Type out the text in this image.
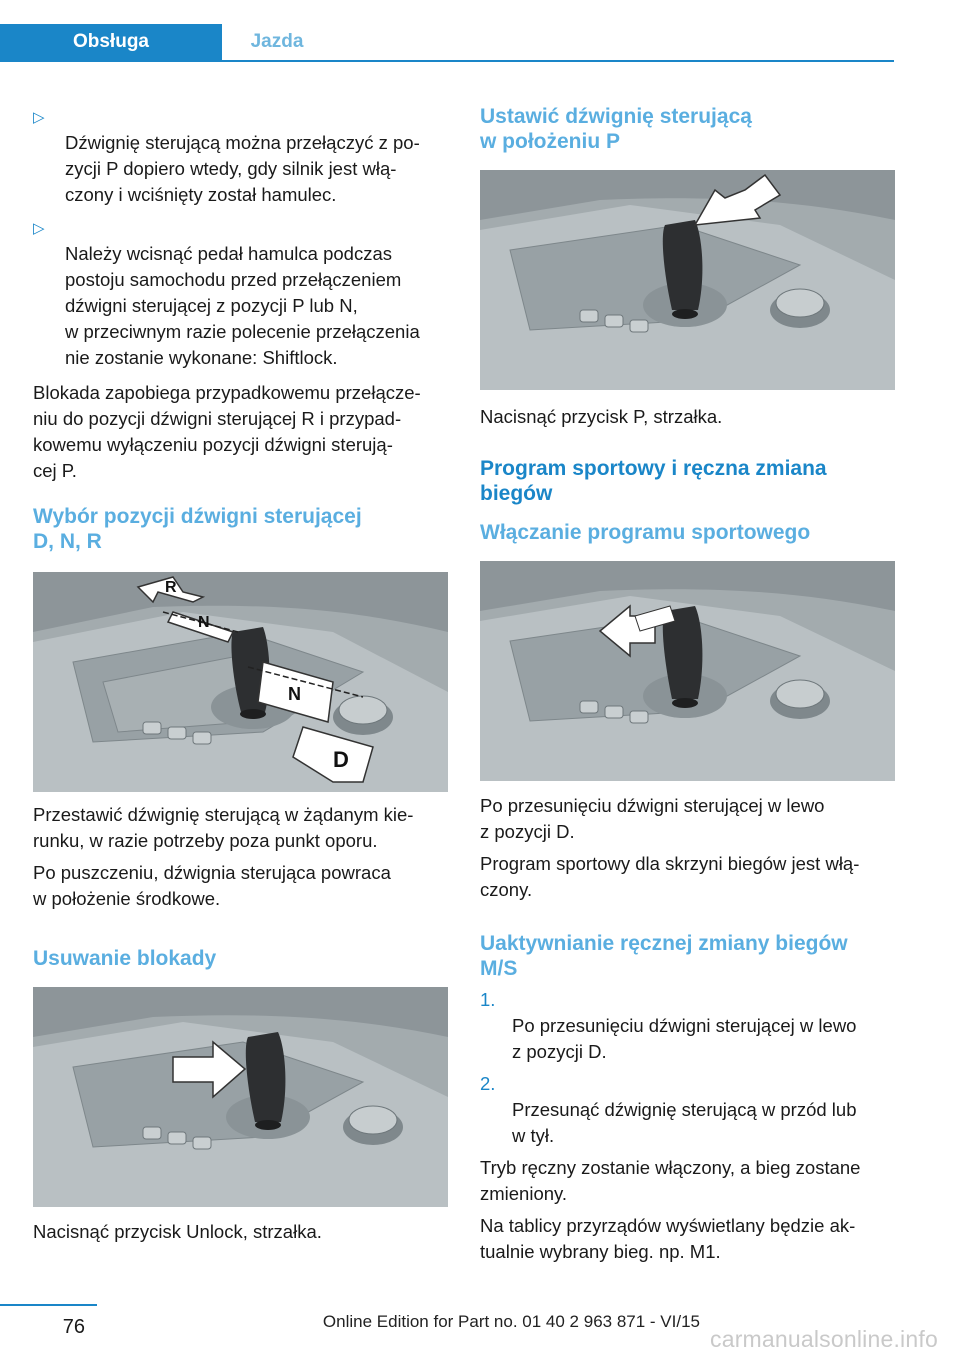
Obsługa	Jazda

▷
Dźwignię sterującą można przełączyć z po-
zycji P dopiero wtedy, gdy silnik jest włą-
czony i wciśnięty został hamulec.

▷
Należy wcisnąć pedał hamulca podczas
postoju samochodu przed przełączeniem
dźwigni sterującej z pozycji P lub N,
w przeciwnym razie polecenie przełączenia
nie zostanie wykonane: Shiftlock.

Blokada zapobiega przypadkowemu przełącze-
niu do pozycji dźwigni sterującej R i przypad-
kowemu wyłączeniu pozycji dźwigni sterują-
cej P.

Wybór pozycji dźwigni sterującej
D, N, R
R
N
N
D

Przestawić dźwignię sterującą w żądanym kie-
runku, w razie potrzeby poza punkt oporu.

Po puszczeniu, dźwignia sterująca powraca
w położenie środkowe.

Usuwanie blokady

Nacisnąć przycisk Unlock, strzałka.

Ustawić dźwignię sterującą
w położeniu P

Nacisnąć przycisk P, strzałka.

Program sportowy i ręczna zmiana
biegów
Włączanie programu sportowego

Po przesunięciu dźwigni sterującej w lewo
z pozycji D.

Program sportowy dla skrzyni biegów jest włą-
czony.

Uaktywnianie ręcznej zmiany biegów
M/S

1.
Po przesunięciu dźwigni sterującej w lewo
z pozycji D.

2.
Przesunąć dźwignię sterującą w przód lub
w tył.

Tryb ręczny zostanie włączony, a bieg zostane
zmieniony.

Na tablicy przyrządów wyświetlany będzie ak-
tualnie wybrany bieg. np. M1.

76	Online Edition for Part no. 01 40 2 963 871 - VI/15
carmanualsonline.info
